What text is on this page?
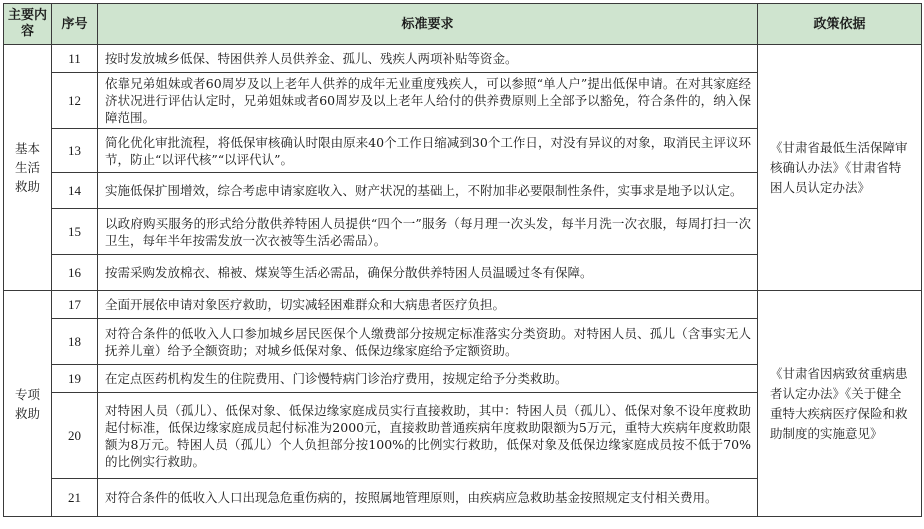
主要内容	序号	标准要求	政策依据
基本生活救助	11	按时发放城乡低保、特困供养人员供养金、孤儿、残疾人两项补贴等资金。	《甘肃省最低生活保障审核确认办法》《甘肃省特困人员认定办法》
	12	依靠兄弟姐妹或者60周岁及以上老年人供养的成年无业重度残疾人，可以参照“单人户”提出低保申请。在对其家庭经济状况进行评估认定时，兄弟姐妹或者60周岁及以上老年人给付的供养费原则上全部予以豁免，符合条件的，纳入保障范围。	
	13	简化优化审批流程，将低保审核确认时限由原来40个工作日缩减到30个工作日，对没有异议的对象，取消民主评议环节，防止“以评代核”“以评代认”。	
	14	实施低保扩围增效，综合考虑申请家庭收入、财产状况的基础上，不附加非必要限制性条件，实事求是地予以认定。	
	15	以政府购买服务的形式给分散供养特困人员提供“四个一”服务（每月理一次头发，每半月洗一次衣服，每周打扫一次卫生，每年半年按需发放一次衣被等生活必需品）。	
	16	按需采购发放棉衣、棉被、煤炭等生活必需品，确保分散供养特困人员温暖过冬有保障。	
专项救助	17	全面开展依申请对象医疗救助，切实减轻困难群众和大病患者医疗负担。	《甘肃省因病致贫重病患者认定办法》《关于健全重特大疾病医疗保险和救助制度的实施意见》
	18	对符合条件的低收入人口参加城乡居民医保个人缴费部分按规定标准落实分类资助。对特困人员、孤儿（含事实无人抚养儿童）给予全额资助；对城乡低保对象、低保边缘家庭给予定额资助。	
	19	在定点医药机构发生的住院费用、门诊慢特病门诊治疗费用，按规定给予分类救助。	
	20	对特困人员（孤儿）、低保对象、低保边缘家庭成员实行直接救助，其中：特困人员（孤儿）、低保对象不设年度救助起付标准，低保边缘家庭成员起付标准为2000元，直接救助普通疾病年度救助限额为5万元，重特大疾病年度救助限额为8万元。特困人员（孤儿）个人负担部分按100%的比例实行救助，低保对象及低保边缘家庭成员按不低于70%的比例实行救助。	
	21	对符合条件的低收入人口出现急危重伤病的，按照属地管理原则，由疾病应急救助基金按照规定支付相关费用。	
